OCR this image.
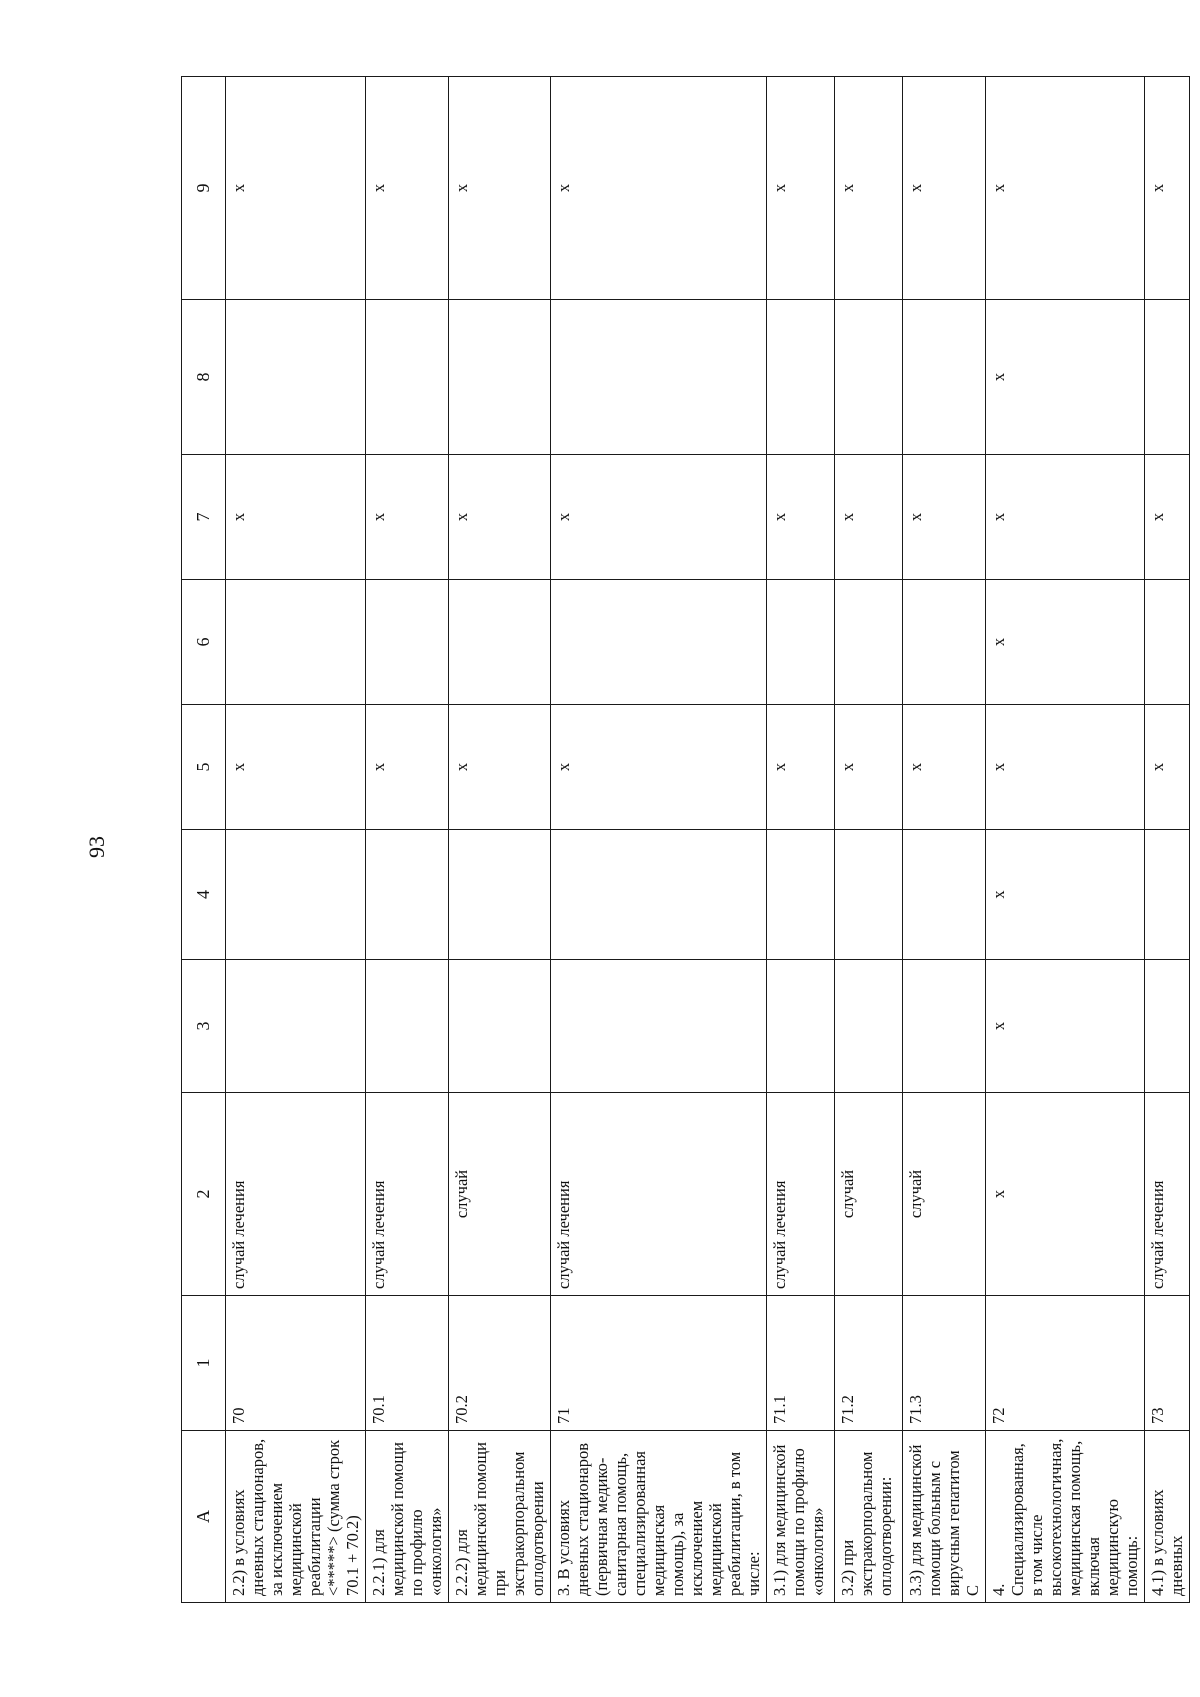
93
A	1	2	3	4	5	6	7	8	9
2.2) в условиях дневных стационаров, за исключением медицинской реабилитации <*****> (сумма строк 70.1 + 70.2)	70	случай лечения			x		x		x
2.2.1) для медицинской помощи по профилю «онкология»	70.1	случай лечения			x		x		x
2.2.2) для медицинской помощи при экстракорпоральном оплодотворении	70.2	случай			x		x		x
3. В условиях дневных стационаров (первичная медико-санитарная помощь, специализированная медицинская помощь), за исключением медицинской реабилитации, в том числе:	71	случай лечения			x		x		x
3.1) для медицинской помощи по профилю «онкология»	71.1	случай лечения			x		x		x
3.2) при экстракорпоральном оплодотворении:	71.2	случай			x		x		x
3.3) для медицинской помощи больным с вирусным гепатитом С	71.3	случай			x		x		x
4. Специализированная, в том числе высокотехнологичная, медицинская помощь, включая медицинскую помощь:	72	x	x	x	x	x	x	x	x
4.1) в условиях дневных	73	случай лечения			x		x		x
